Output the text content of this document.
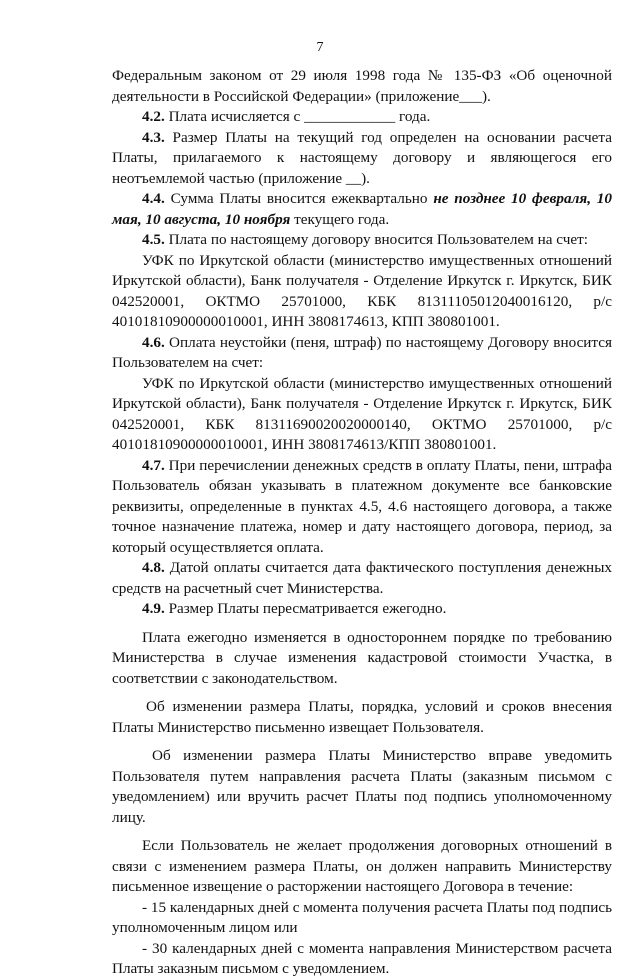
7

Федеральным законом от 29 июля 1998 года № 135-ФЗ «Об оценочной деятельности в Российской Федерации» (приложение___).

4.2. Плата исчисляется с ____________ года.

4.3. Размер Платы на текущий год определен на основании расчета Платы, прилагаемого к настоящему договору и являющегося его неотъемлемой частью (приложение __).

4.4. Сумма Платы вносится ежеквартально не позднее 10 февраля, 10 мая, 10 августа, 10 ноября текущего года.

4.5. Плата по настоящему договору вносится Пользователем на счет:

УФК по Иркутской области (министерство имущественных отношений Иркутской области), Банк получателя - Отделение Иркутск г. Иркутск, БИК 042520001, ОКТМО 25701000, КБК 81311105012040016120, р/с 40101810900000010001, ИНН 3808174613, КПП 380801001.

4.6. Оплата неустойки (пеня, штраф) по настоящему Договору вносится Пользователем на счет:

УФК по Иркутской области (министерство имущественных отношений Иркутской области), Банк получателя - Отделение Иркутск г. Иркутск, БИК 042520001, КБК 81311690020020000140, ОКТМО 25701000, р/с 40101810900000010001, ИНН 3808174613/КПП 380801001.

4.7. При перечислении денежных средств в оплату Платы, пени, штрафа Пользователь обязан указывать в платежном документе все банковские реквизиты, определенные в пунктах 4.5, 4.6 настоящего договора, а также точное назначение платежа, номер и дату настоящего договора, период, за который осуществляется оплата.

4.8. Датой оплаты считается дата фактического поступления денежных средств на расчетный счет Министерства.

4.9. Размер Платы пересматривается ежегодно.

Плата ежегодно изменяется в одностороннем порядке по требованию Министерства в случае изменения кадастровой стоимости Участка, в соответствии с законодательством.

Об изменении размера Платы, порядка, условий и сроков внесения Платы Министерство письменно извещает Пользователя.

Об изменении размера Платы Министерство вправе уведомить Пользователя путем направления расчета Платы (заказным письмом с уведомлением) или вручить расчет Платы под подпись уполномоченному лицу.

Если Пользователь не желает продолжения договорных отношений в связи с изменением размера Платы, он должен направить Министерству письменное извещение о расторжении настоящего Договора в течение:

- 15 календарных дней с момента получения расчета Платы под подпись уполномоченным лицом или

- 30 календарных дней с момента направления Министерством расчета Платы заказным письмом с уведомлением.
